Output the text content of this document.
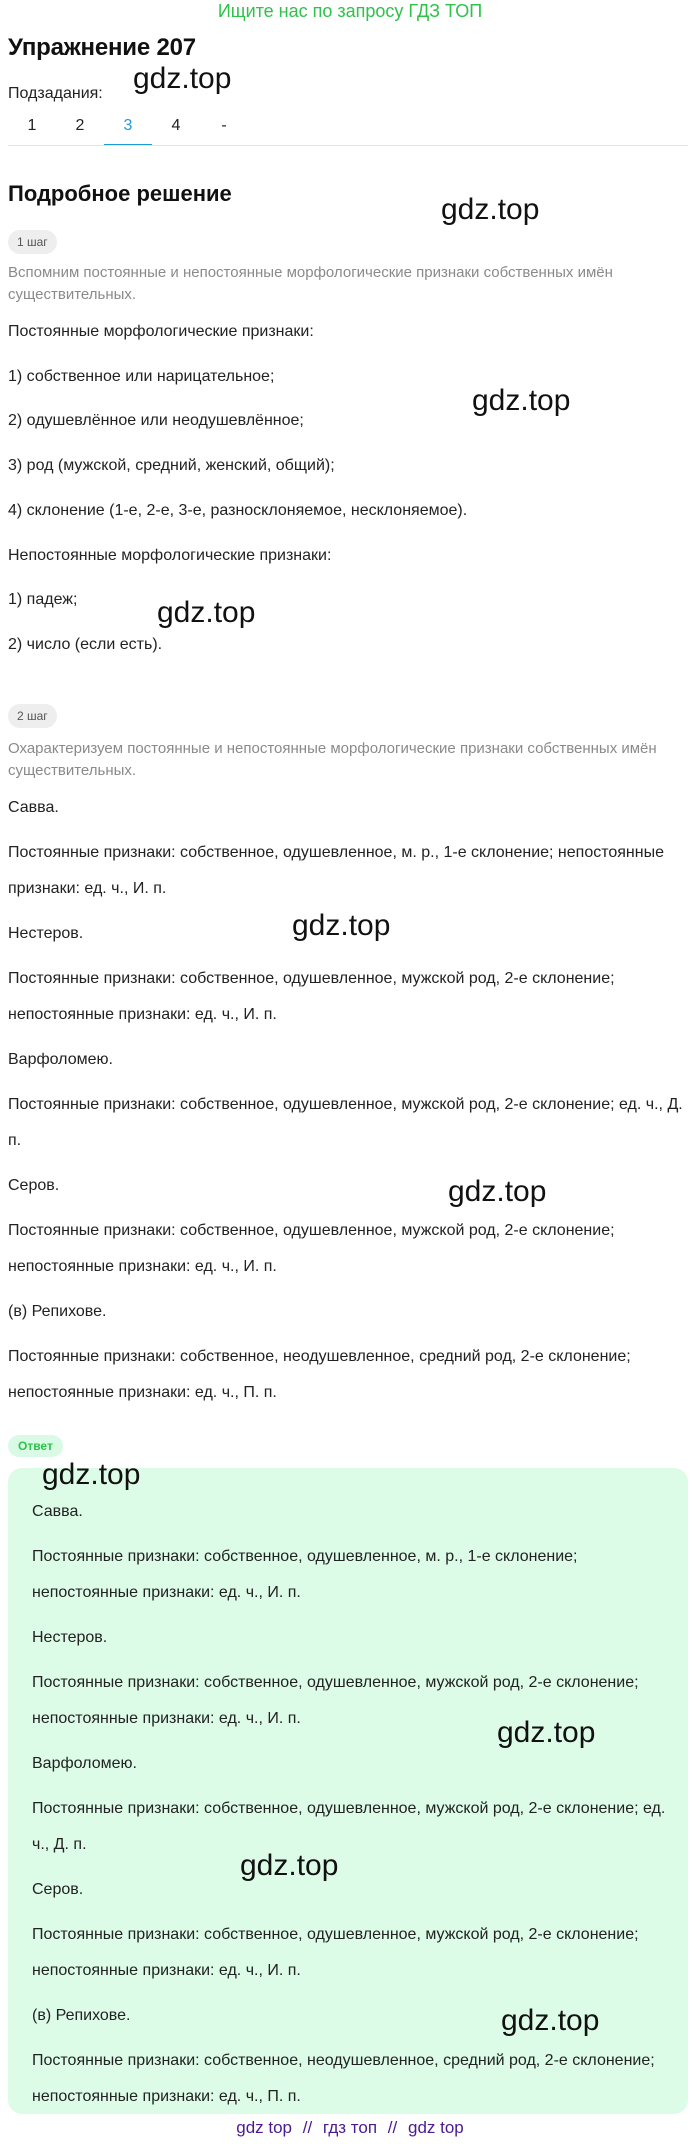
Ищите нас по запросу ГДЗ ТОП
Упражнение 207
Подзадания:
1	2	3	4	-
Подробное решение
1 шаг
Вспомним постоянные и непостоянные морфологические признаки собственных имён существительных.
Постоянные морфологические признаки:
1) собственное или нарицательное;
2) одушевлённое или неодушевлённое;
3) род (мужской, средний, женский, общий);
4) склонение (1-е, 2-е, 3-е, разносклоняемое, несклоняемое).
Непостоянные морфологические признаки:
1) падеж;
2) число (если есть).
2 шаг
Охарактеризуем постоянные и непостоянные морфологические признаки собственных имён существительных.
Савва.
Постоянные признаки: собственное, одушевленное, м. р., 1-е склонение; непостоянные признаки: ед. ч., И. п.
Нестеров.
Постоянные признаки: собственное, одушевленное, мужской род, 2-е склонение; непостоянные признаки: ед. ч., И. п.
Варфоломею.
Постоянные признаки: собственное, одушевленное, мужской род, 2-е склонение; ед. ч., Д. п.
Серов.
Постоянные признаки: собственное, одушевленное, мужской род, 2-е склонение; непостоянные признаки: ед. ч., И. п.
(в) Репихове.
Постоянные признаки: собственное, неодушевленное, средний род, 2-е склонение; непостоянные признаки: ед. ч., П. п.
Ответ
Савва.
Постоянные признаки: собственное, одушевленное, м. р., 1-е склонение; непостоянные признаки: ед. ч., И. п.
Нестеров.
Постоянные признаки: собственное, одушевленное, мужской род, 2-е склонение; непостоянные признаки: ед. ч., И. п.
Варфоломею.
Постоянные признаки: собственное, одушевленное, мужской род, 2-е склонение; ед. ч., Д. п.
Серов.
Постоянные признаки: собственное, одушевленное, мужской род, 2-е склонение; непостоянные признаки: ед. ч., И. п.
(в) Репихове.
Постоянные признаки: собственное, неодушевленное, средний род, 2-е склонение; непостоянные признаки: ед. ч., П. п.
gdz.top
gdz.top
gdz.top
gdz.top
gdz.top
gdz.top
gdz.top
gdz.top
gdz.top
gdz.top
gdz top // гдз топ // gdz top
